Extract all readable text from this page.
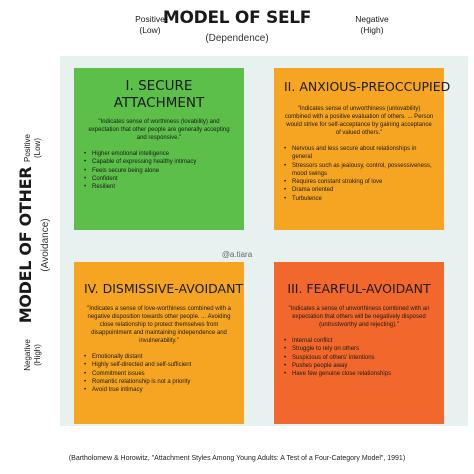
Positive
(Low)
MODEL OF SELF
(Dependence)
Negative
(High)
MODEL OF OTHER (Avoidance)
Positive (Low)
Negative (High)
I. SECURE
ATTACHMENT
"Indicates sense of worthiness (lovability) and expectation that other people are generally accepting and responsive."
• Higher emotional intelligence
• Capable of expressing healthy intimacy
• Feels secure being alone
• Confident
• Resilient
II. ANXIOUS-PREOCCUPIED
"Indicates sense of unworthiness (unlovability) combined with a positive evaluation of others. ... Person would strive for self-acceptance by gaining acceptance of valued others."
• Nervous and less secure about relationships in general
• Stressors such as jealousy, control, possessiveness, mood swings
• Requires constant stroking of love
• Drama oriented
• Turbulence
IV. DISMISSIVE-AVOIDANT
"Indicates a sense of love-worthiness combined with a negative disposition towards other people. ... Avoiding close relationship to protect themselves from disappointment and maintaining independence and invulnerability."
• Emotionally distant
• Highly self-directed and self-sufficient
• Commitment issues
• Romantic relationship is not a priority
• Avoid true intimacy
III. FEARFUL-AVOIDANT
"Indicates a sense of unworthiness combined with an expectation that others will be negatively disposed (untrustworthy and rejecting)."
• Internal conflict
• Struggle to rely on others
• Suspicious of others' intentions
• Pushes people away
• Have few genuine close relationships
@a.tiara
(Bartholomew & Horowitz, "Attachment Styles Among Young Adults: A Test of a Four-Category Model", 1991)
